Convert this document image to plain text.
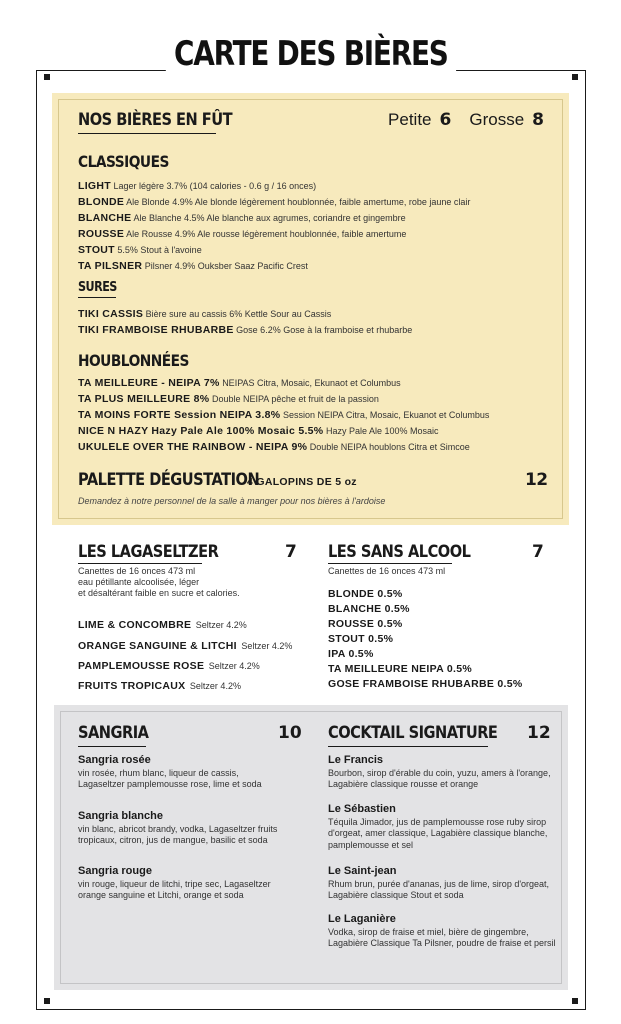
CARTE DES BIÈRES
NOS BIÈRES EN FÛT	Petite 6 Grosse 8
CLASSIQUES
LIGHT Lager légère 3.7% (104 calories - 0.6 g / 16 onces)
BLONDE Ale Blonde 4.9% Ale blonde légèrement houblonnée, faible amertume, robe jaune clair
BLANCHE Ale Blanche 4.5% Ale blanche aux agrumes, coriandre et gingembre
ROUSSE Ale Rousse 4.9% Ale rousse légèrement houblonnée, faible amertume
STOUT 5.5% Stout à l'avoine
TA PILSNER Pilsner 4.9% Ouksber Saaz Pacific Crest
SURES
TIKI CASSIS Bière sure au cassis 6% Kettle Sour au Cassis
TIKI FRAMBOISE RHUBARBE Gose 6.2% Gose à la framboise et rhubarbe
HOUBLONNÉES
TA MEILLEURE - NEIPA 7% NEIPAS Citra, Mosaic, Ekunaot et Columbus
TA PLUS MEILLEURE 8% Double NEIPA pêche et fruit de la passion
TA MOINS FORTE Session NEIPA 3.8% Session NEIPA Citra, Mosaic, Ekuanot et Columbus
NICE N HAZY Hazy Pale Ale 100% Mosaic 5.5% Hazy Pale Ale 100% Mosaic
UKULELE OVER THE RAINBOW - NEIPA 9% Double NEIPA houblons Citra et Simcoe
PALETTE DÉGUSTATION
4 GALOPINS DE 5 oz	12
Demandez à notre personnel de la salle à manger pour nos bières à l'ardoise
LES LAGASELTZER	7
Canettes de 16 onces 473 ml
eau pétillante alcoolisée, léger
et désaltérant faible en sucre et calories.
LIME & CONCOMBRE Seltzer 4.2%
ORANGE SANGUINE & LITCHI Seltzer 4.2%
PAMPLEMOUSSE ROSE Seltzer 4.2%
FRUITS TROPICAUX Seltzer 4.2%
LES SANS ALCOOL	7
Canettes de 16 onces 473 ml
BLONDE 0.5%
BLANCHE 0.5%
ROUSSE 0.5%
STOUT 0.5%
IPA 0.5%
TA MEILLEURE NEIPA 0.5%
GOSE FRAMBOISE RHUBARBE 0.5%
SANGRIA	10
Sangria rosée
vin rosée, rhum blanc, liqueur de cassis,
Lagaseltzer pamplemousse rose, lime et soda
Sangria blanche
vin blanc, abricot brandy, vodka, Lagaseltzer fruits
tropicaux, citron, jus de mangue, basilic et soda
Sangria rouge
vin rouge, liqueur de litchi, tripe sec, Lagaseltzer
orange sanguine et Litchi, orange et soda
COCKTAIL SIGNATURE 12
Le Francis
Bourbon, sirop d'érable du coin, yuzu, amers à l'orange,
Lagabière classique rousse et orange
Le Sébastien
Téquila Jimador, jus de pamplemousse rose ruby sirop
d'orgeat, amer classique, Lagabière classique blanche,
pamplemousse et sel
Le Saint-jean
Rhum brun, purée d'ananas, jus de lime, sirop d'orgeat,
Lagabière classique Stout et soda
Le Laganière
Vodka, sirop de fraise et miel, bière de gingembre,
Lagabière Classique Ta Pilsner, poudre de fraise et persil
